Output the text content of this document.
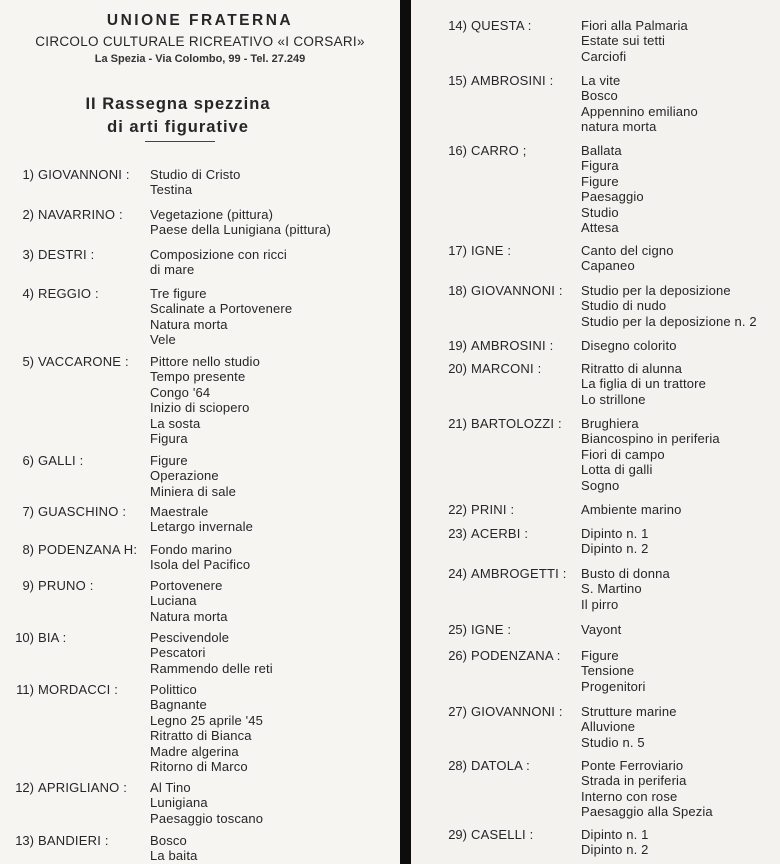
UNIONE FRATERNA
CIRCOLO CULTURALE RICREATIVO «I CORSARI»
La Spezia - Via Colombo, 99 - Tel. 27.249
II Rassegna spezzina
di arti figurative
1) GIOVANNONI : Studio di Cristo
Testina
2) NAVARRINO : Vegetazione (pittura)
Paese della Lunigiana (pittura)
3) DESTRI :	Composizione con ricci
di mare
4) REGGIO :	Tre figure
Scalinate a Portovenere
Natura morta
Vele
5) VACCARONE : Pittore nello studio
Tempo presente
Congo '64
Inizio di sciopero
La sosta
Figura
6) GALLI :	Figure
Operazione
Miniera di sale
7) GUASCHINO : Maestrale
Letargo invernale
8) PODENZANA H: Fondo marino
Isola del Pacifico
9) PRUNO :	Portovenere
Luciana
Natura morta
10) BIA :	Pescivendole
Pescatori
Rammendo delle reti
11) MORDACCI : Polittico
Bagnante
Legno 25 aprile '45
Ritratto di Bianca
Madre algerina
Ritorno di Marco
12) APRIGLIANO : Al Tino
Lunigiana
Paesaggio toscano
13) BANDIERI :	Bosco
La baita
14) QUESTA :	Fiori alla Palmaria
Estate sui tetti
Carciofi
15) AMBROSINI : La vite
Bosco
Appennino emiliano
natura morta
16) CARRO ;	Ballata
Figura
Figure
Paesaggio
Studio
Attesa
17) IGNE :	Canto del cigno
Capaneo
18) GIOVANNONI : Studio per la deposizione
Studio di nudo
Studio per la deposizione n. 2
19) AMBROSINI : Disegno colorito
20) MARCONI :	Ritratto di alunna
La figlia di un trattore
Lo strillone
21) BARTOLOZZI : Brughiera
Biancospino in periferia
Fiori di campo
Lotta di galli
Sogno
22) PRINI :	Ambiente marino
23) ACERBI :	Dipinto n. 1
Dipinto n. 2
24) AMBROGETTI : Busto di donna
S. Martino
Il pirro
25) IGNE :	Vayont
26) PODENZANA : Figure
Tensione
Progenitori
27) GIOVANNONI : Strutture marine
Alluvione
Studio n. 5
28) DATOLA :	Ponte Ferroviario
Strada in periferia
Interno con rose
Paesaggio alla Spezia
29) CASELLI :	Dipinto n. 1
Dipinto n. 2
